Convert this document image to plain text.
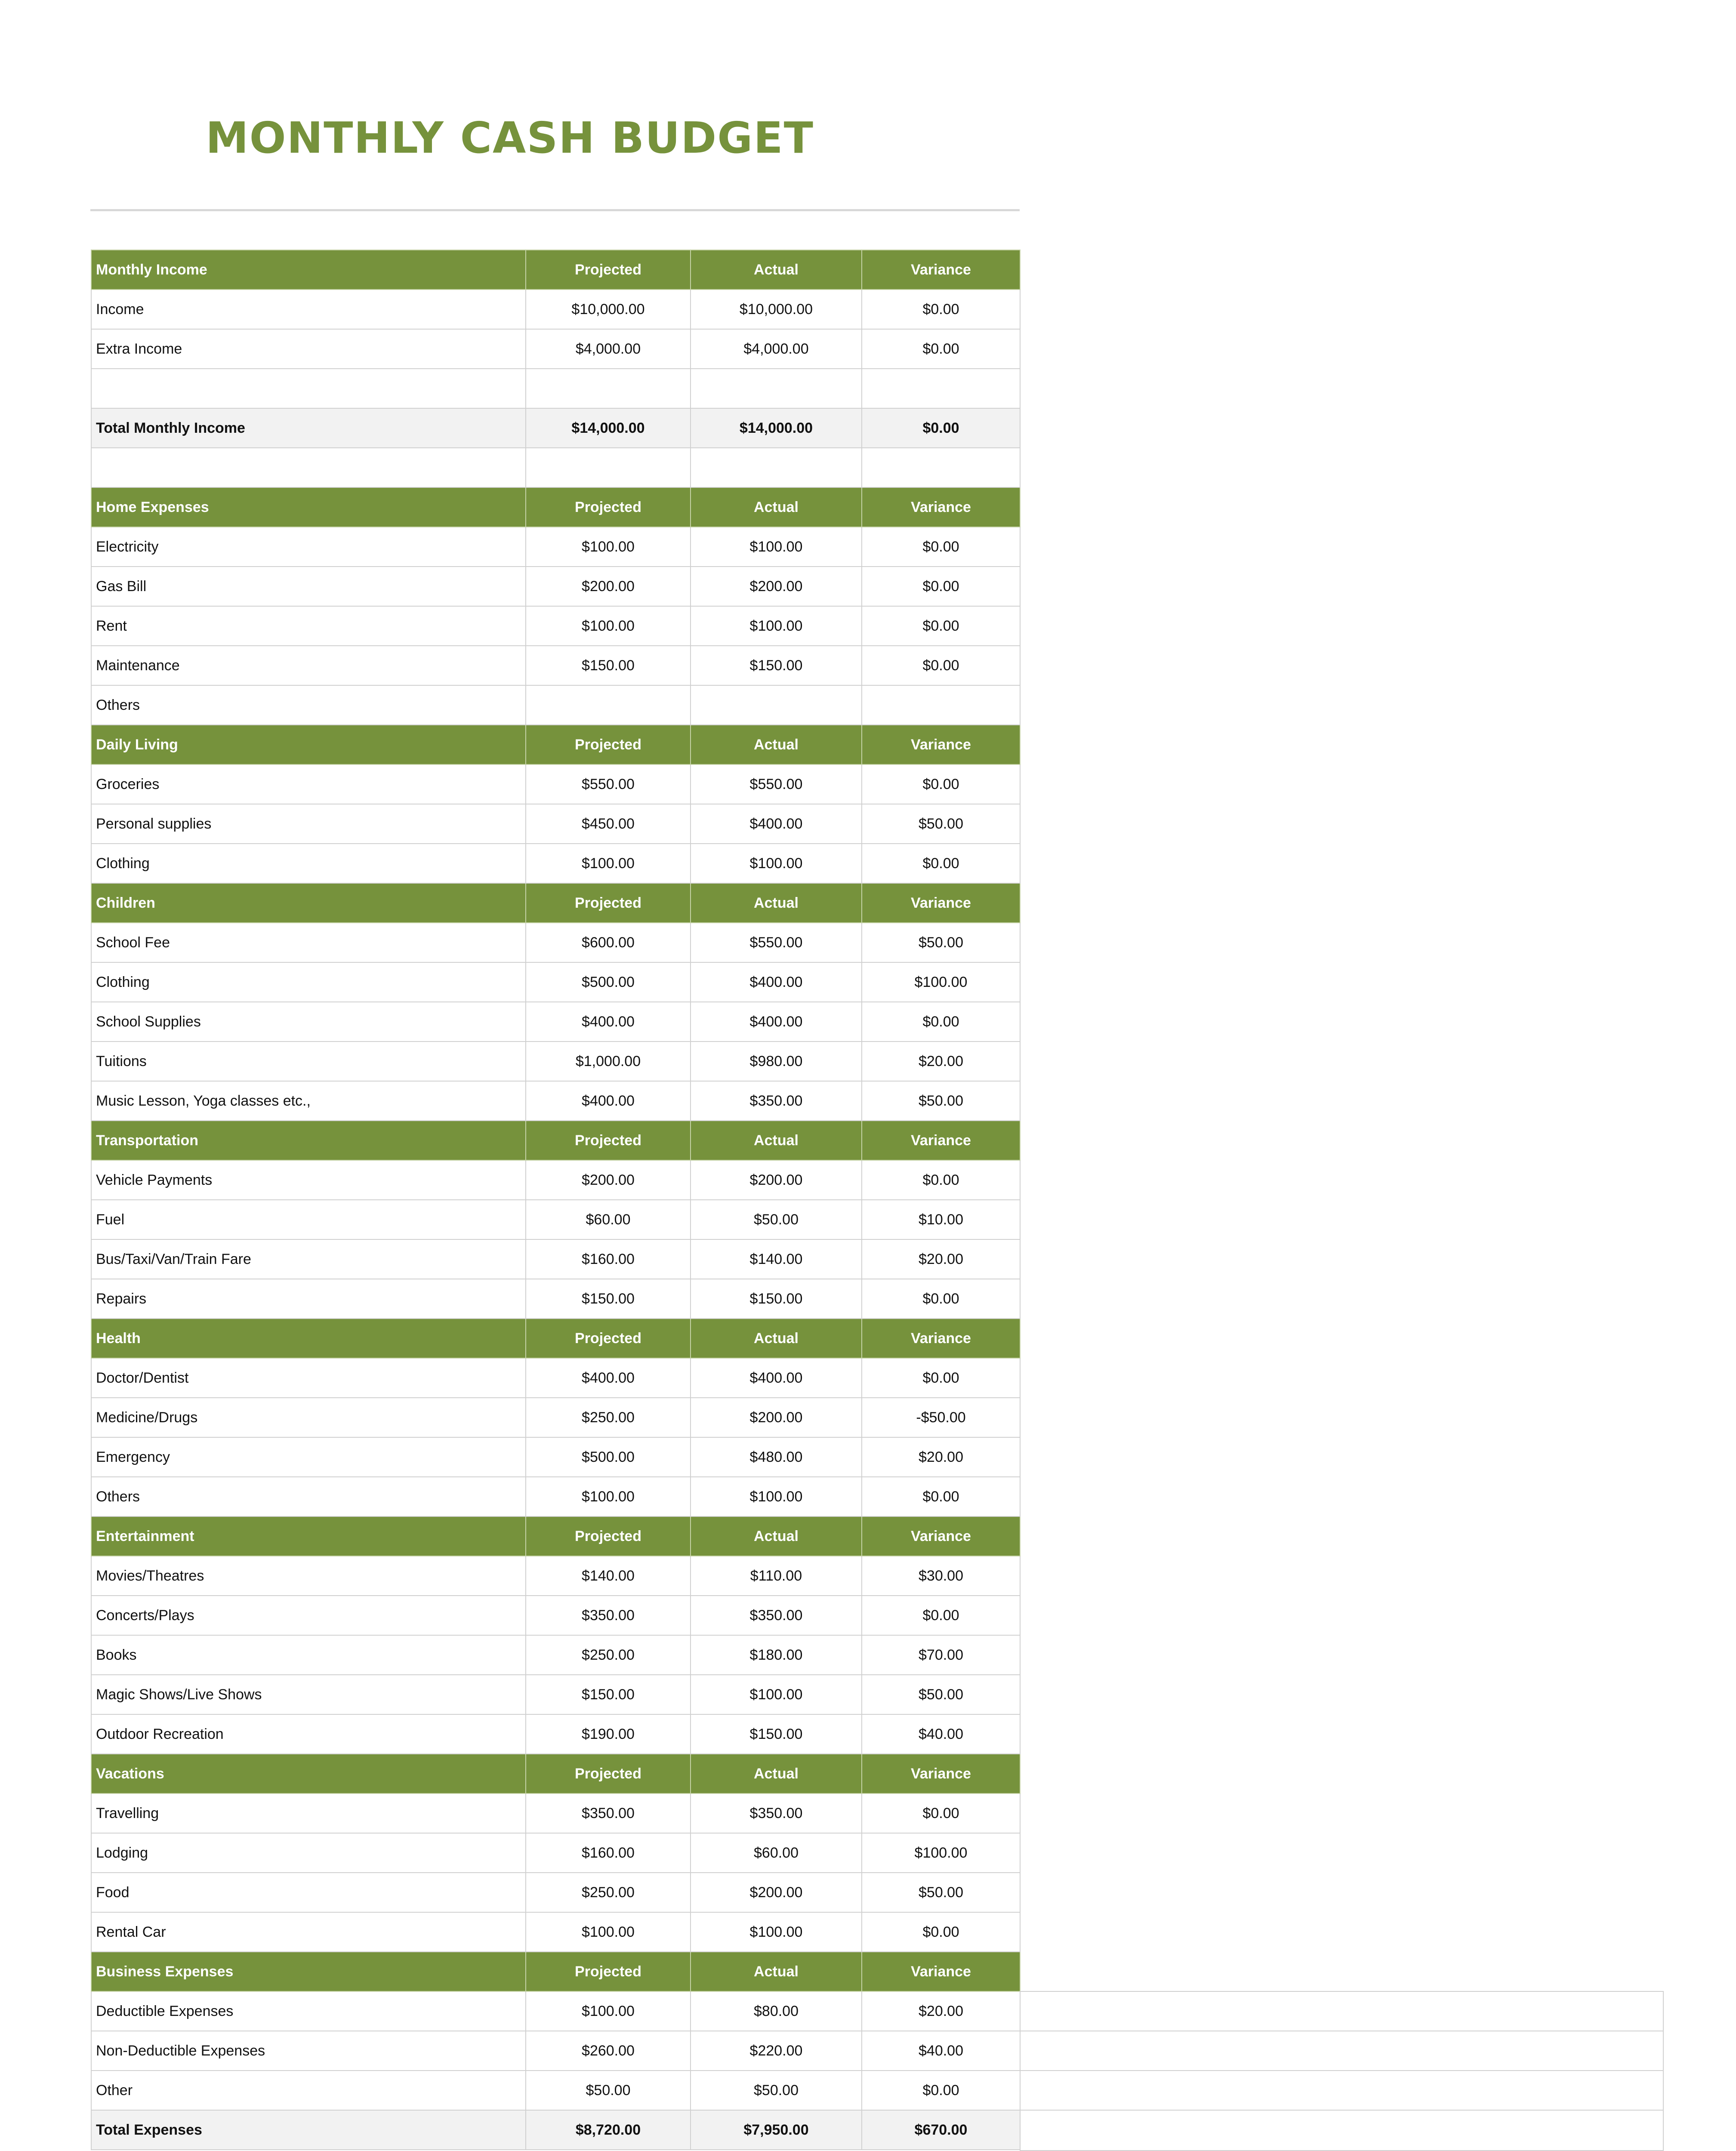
MONTHLY CASH BUDGET
Monthly Income	Projected	Actual	Variance
Income	$10,000.00	$10,000.00	$0.00
Extra Income	$4,000.00	$4,000.00	$0.00

Total Monthly Income	$14,000.00	$14,000.00	$0.00

Home Expenses	Projected	Actual	Variance
Electricity	$100.00	$100.00	$0.00
Gas Bill	$200.00	$200.00	$0.00
Rent	$100.00	$100.00	$0.00
Maintenance	$150.00	$150.00	$0.00
Others			
Daily Living	Projected	Actual	Variance
Groceries	$550.00	$550.00	$0.00
Personal supplies	$450.00	$400.00	$50.00
Clothing	$100.00	$100.00	$0.00
Children	Projected	Actual	Variance
School Fee	$600.00	$550.00	$50.00
Clothing	$500.00	$400.00	$100.00
School Supplies	$400.00	$400.00	$0.00
Tuitions	$1,000.00	$980.00	$20.00
Music Lesson, Yoga classes etc.,	$400.00	$350.00	$50.00
Transportation	Projected	Actual	Variance
Vehicle Payments	$200.00	$200.00	$0.00
Fuel	$60.00	$50.00	$10.00
Bus/Taxi/Van/Train Fare	$160.00	$140.00	$20.00
Repairs	$150.00	$150.00	$0.00
Health	Projected	Actual	Variance
Doctor/Dentist	$400.00	$400.00	$0.00
Medicine/Drugs	$250.00	$200.00	-$50.00
Emergency	$500.00	$480.00	$20.00
Others	$100.00	$100.00	$0.00
Entertainment	Projected	Actual	Variance
Movies/Theatres	$140.00	$110.00	$30.00
Concerts/Plays	$350.00	$350.00	$0.00
Books	$250.00	$180.00	$70.00
Magic Shows/Live Shows	$150.00	$100.00	$50.00
Outdoor Recreation	$190.00	$150.00	$40.00
Vacations	Projected	Actual	Variance
Travelling	$350.00	$350.00	$0.00
Lodging	$160.00	$60.00	$100.00
Food	$250.00	$200.00	$50.00
Rental Car	$100.00	$100.00	$0.00
Business Expenses	Projected	Actual	Variance
Deductible Expenses	$100.00	$80.00	$20.00
Non-Deductible Expenses	$260.00	$220.00	$40.00
Other	$50.00	$50.00	$0.00
Total Expenses	$8,720.00	$7,950.00	$670.00
